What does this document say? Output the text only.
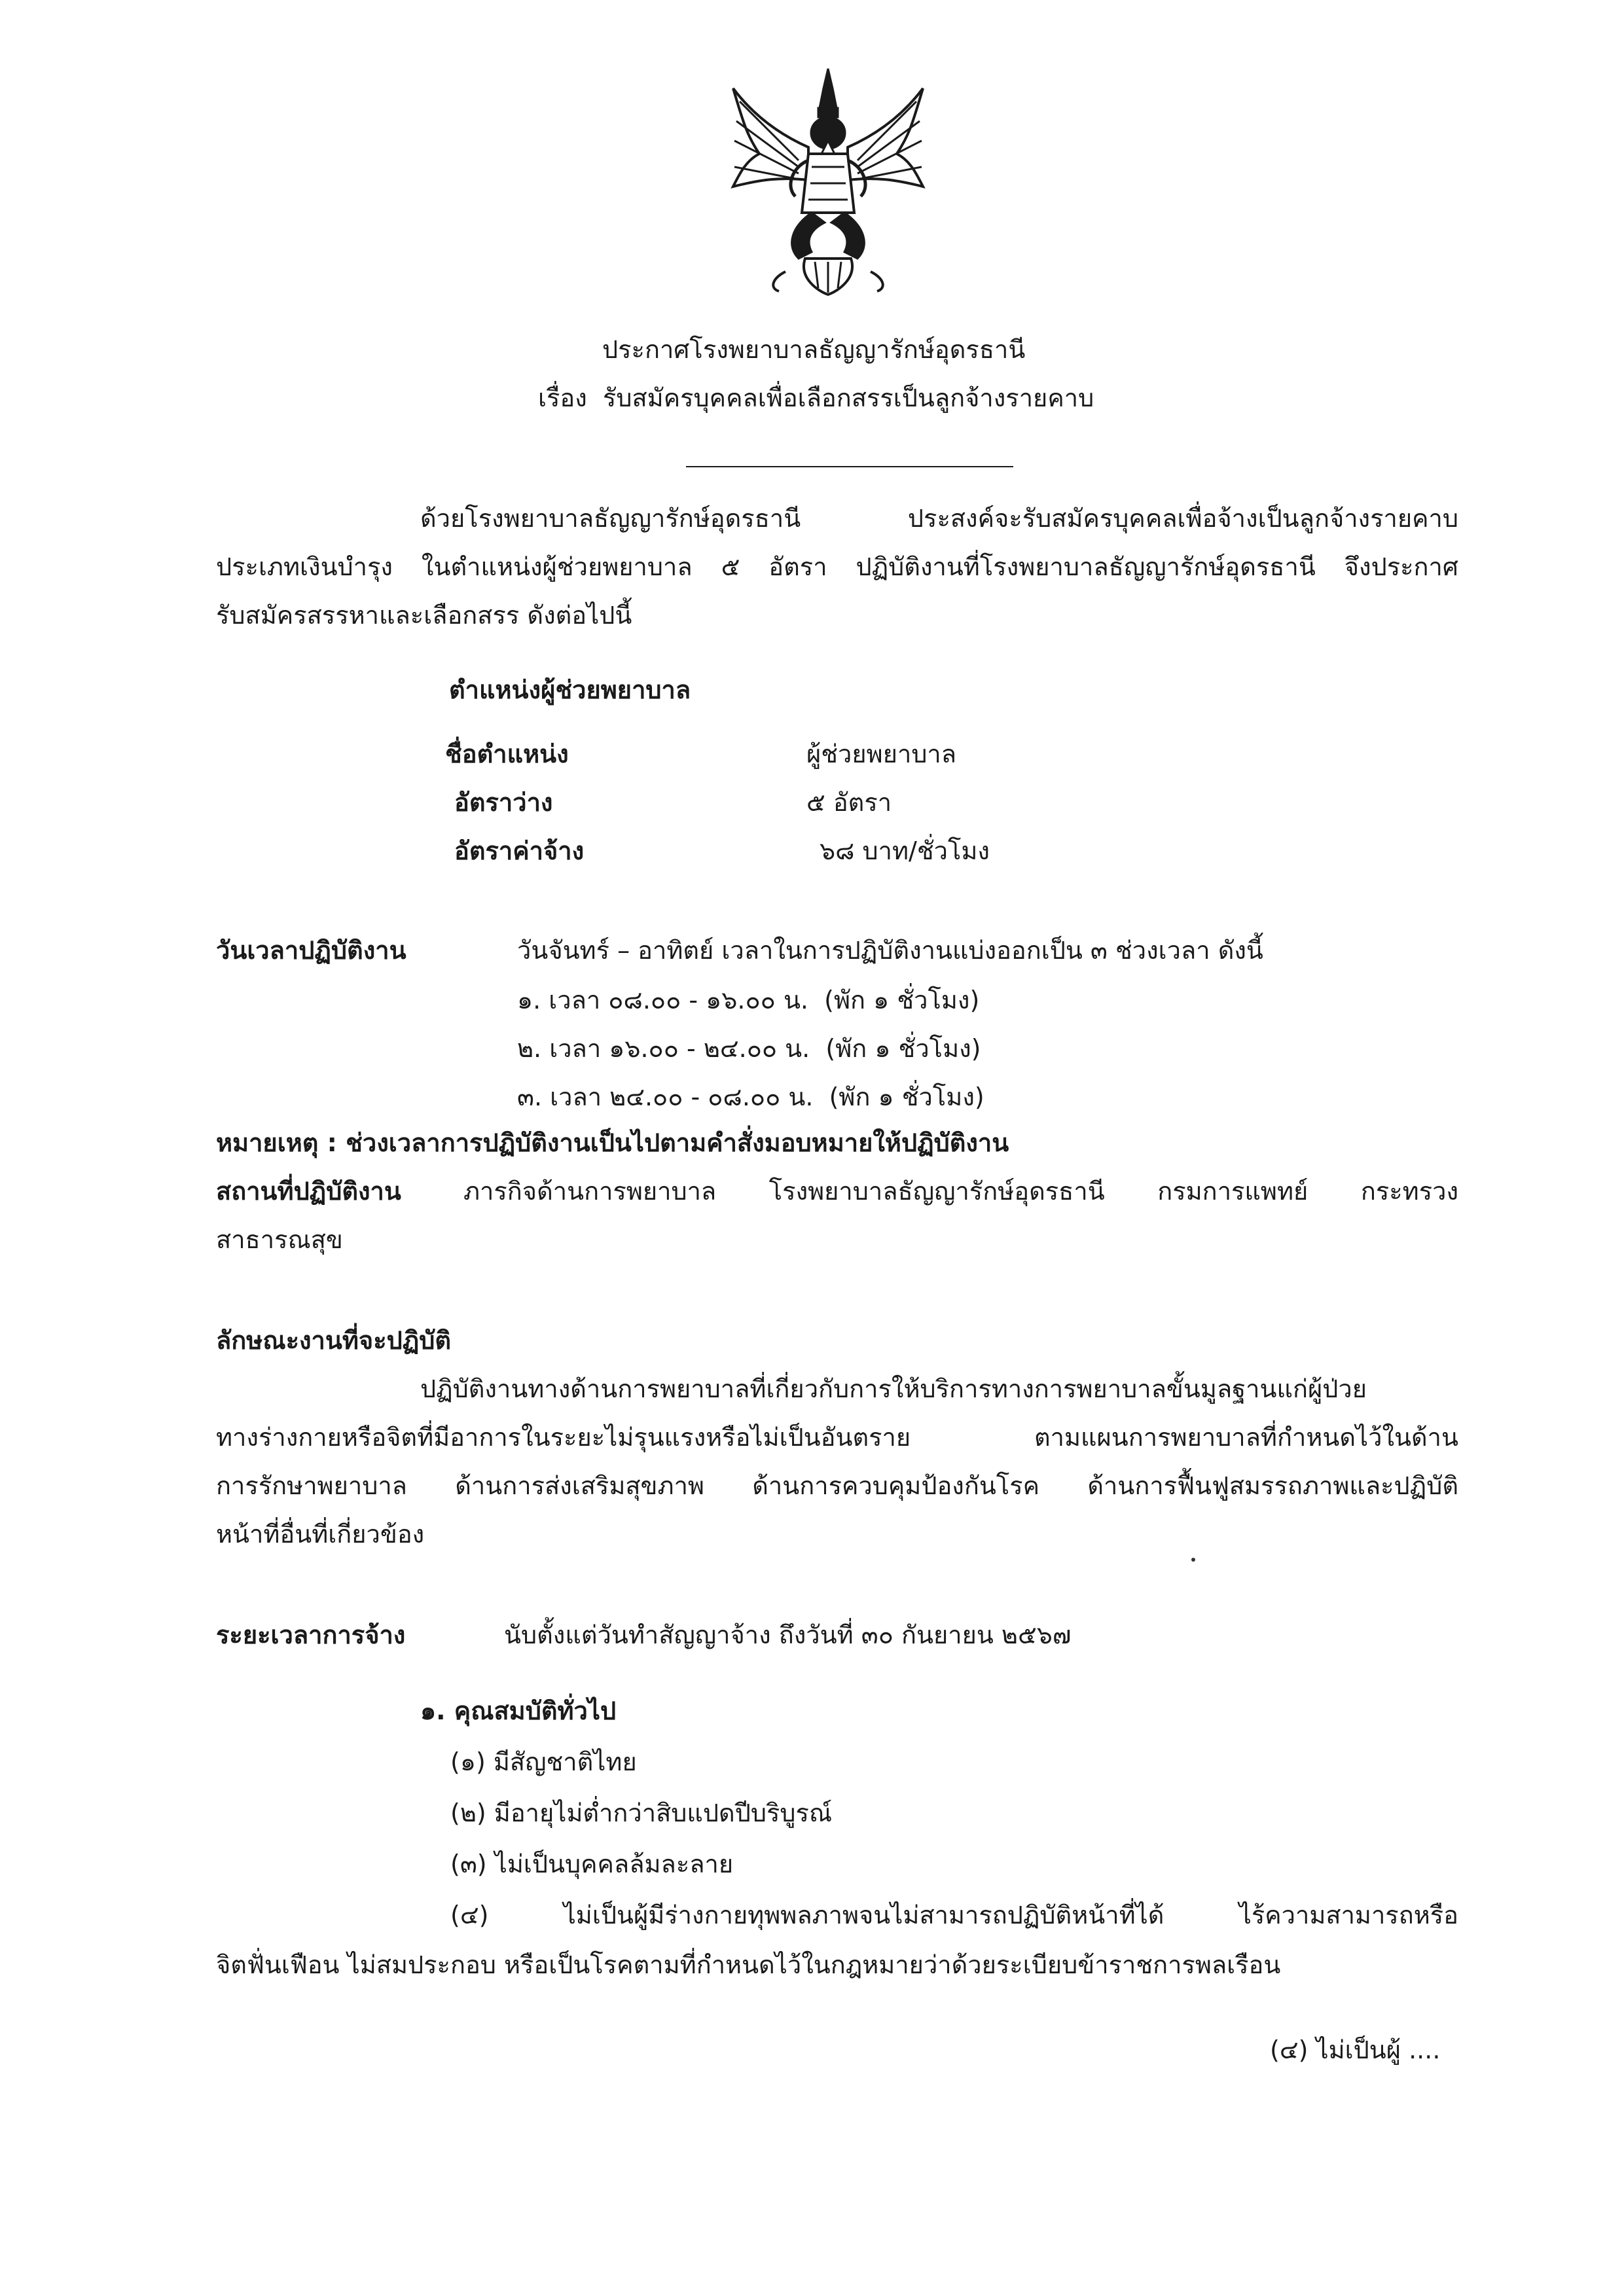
ประกาศโรงพยาบาลธัญญารักษ์อุดรธานี
เรื่อง  รับสมัครบุคคลเพื่อเลือกสรรเป็นลูกจ้างรายคาบ
ด้วยโรงพยาบาลธัญญารักษ์อุดรธานี ประสงค์จะรับสมัครบุคคลเพื่อจ้างเป็นลูกจ้างรายคาบ
ประเภทเงินบำรุง ในตำแหน่งผู้ช่วยพยาบาล ๕ อัตรา ปฏิบัติงานที่โรงพยาบาลธัญญารักษ์อุดรธานี จึงประกาศ
รับสมัครสรรหาและเลือกสรร ดังต่อไปนี้
ตำแหน่งผู้ช่วยพยาบาล
ชื่อตำแหน่ง	ผู้ช่วยพยาบาล
อัตราว่าง	๕ อัตรา
อัตราค่าจ้าง	๖๘ บาท/ชั่วโมง
วันเวลาปฏิบัติงาน	วันจันทร์ – อาทิตย์ เวลาในการปฏิบัติงานแบ่งออกเป็น ๓ ช่วงเวลา ดังนี้
๑. เวลา ๐๘.๐๐ - ๑๖.๐๐ น.  (พัก ๑ ชั่วโมง)
๒. เวลา ๑๖.๐๐ - ๒๔.๐๐ น.  (พัก ๑ ชั่วโมง)
๓. เวลา ๒๔.๐๐ - ๐๘.๐๐ น.  (พัก ๑ ชั่วโมง)
หมายเหตุ : ช่วงเวลาการปฏิบัติงานเป็นไปตามคำสั่งมอบหมายให้ปฏิบัติงาน
สถานที่ปฏิบัติงาน	ภารกิจด้านการพยาบาล โรงพยาบาลธัญญารักษ์อุดรธานี กรมการแพทย์ กระทรวง
สาธารณสุข
ลักษณะงานที่จะปฏิบัติ
ปฏิบัติงานทางด้านการพยาบาลที่เกี่ยวกับการให้บริการทางการพยาบาลขั้นมูลฐานแก่ผู้ป่วย
ทางร่างกายหรือจิตที่มีอาการในระยะไม่รุนแรงหรือไม่เป็นอันตราย ตามแผนการพยาบาลที่กำหนดไว้ในด้าน
การรักษาพยาบาล ด้านการส่งเสริมสุขภาพ ด้านการควบคุมป้องกันโรค ด้านการฟื้นฟูสมรรถภาพและปฏิบัติ
หน้าที่อื่นที่เกี่ยวข้อง
ระยะเวลาการจ้าง	นับตั้งแต่วันทำสัญญาจ้าง ถึงวันที่ ๓๐ กันยายน ๒๕๖๗
๑. คุณสมบัติทั่วไป
(๑) มีสัญชาติไทย
(๒) มีอายุไม่ต่ำกว่าสิบแปดปีบริบูรณ์
(๓) ไม่เป็นบุคคลล้มละลาย
(๔) ไม่เป็นผู้มีร่างกายทุพพลภาพจนไม่สามารถปฏิบัติหน้าที่ได้ ไร้ความสามารถหรือ
จิตฟั่นเฟือน ไม่สมประกอบ หรือเป็นโรคตามที่กำหนดไว้ในกฎหมายว่าด้วยระเบียบข้าราชการพลเรือน
(๔) ไม่เป็นผู้ ....
